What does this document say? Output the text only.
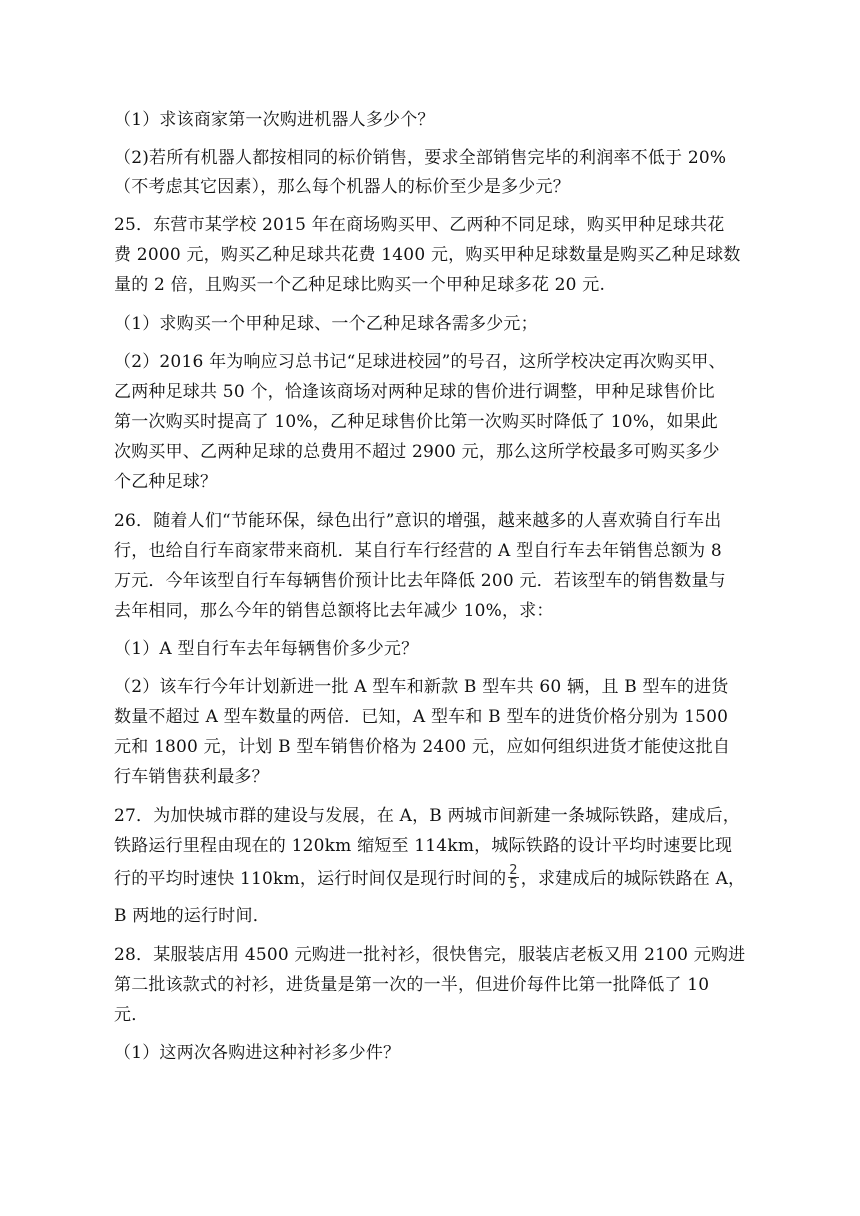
（1）求该商家第一次购进机器人多少个？
（2)若所有机器人都按相同的标价销售，要求全部销售完毕的利润率不低于 20%
（不考虑其它因素），那么每个机器人的标价至少是多少元？
25．东营市某学校 2015 年在商场购买甲、乙两种不同足球，购买甲种足球共花
费 2000 元，购买乙种足球共花费 1400 元，购买甲种足球数量是购买乙种足球数
量的 2 倍，且购买一个乙种足球比购买一个甲种足球多花 20 元.
（1）求购买一个甲种足球、一个乙种足球各需多少元；
（2）2016 年为响应习总书记“足球进校园”的号召，这所学校决定再次购买甲、
乙两种足球共 50 个，恰逢该商场对两种足球的售价进行调整，甲种足球售价比
第一次购买时提高了 10%，乙种足球售价比第一次购买时降低了 10%，如果此
次购买甲、乙两种足球的总费用不超过 2900 元，那么这所学校最多可购买多少
个乙种足球？
26．随着人们“节能环保，绿色出行”意识的增强，越来越多的人喜欢骑自行车出
行，也给自行车商家带来商机．某自行车行经营的 A 型自行车去年销售总额为 8
万元．今年该型自行车每辆售价预计比去年降低 200 元．若该型车的销售数量与
去年相同，那么今年的销售总额将比去年减少 10%，求：
（1）A 型自行车去年每辆售价多少元？
（2）该车行今年计划新进一批 A 型车和新款 B 型车共 60 辆，且 B 型车的进货
数量不超过 A 型车数量的两倍．已知，A 型车和 B 型车的进货价格分别为 1500
元和 1800 元，计划 B 型车销售价格为 2400 元，应如何组织进货才能使这批自
行车销售获利最多？
27．为加快城市群的建设与发展，在 A，B 两城市间新建一条城际铁路，建成后，
铁路运行里程由现在的 120km 缩短至 114km，城际铁路的设计平均时速要比现
行的平均时速快 110km，运行时间仅是现行时间的 $\frac{2}{5}$ ，求建成后的城际铁路在 A，
B 两地的运行时间．
28．某服装店用 4500 元购进一批衬衫，很快售完，服装店老板又用 2100 元购进
第二批该款式的衬衫，进货量是第一次的一半，但进价每件比第一批降低了 10
元．
（1）这两次各购进这种衬衫多少件？
